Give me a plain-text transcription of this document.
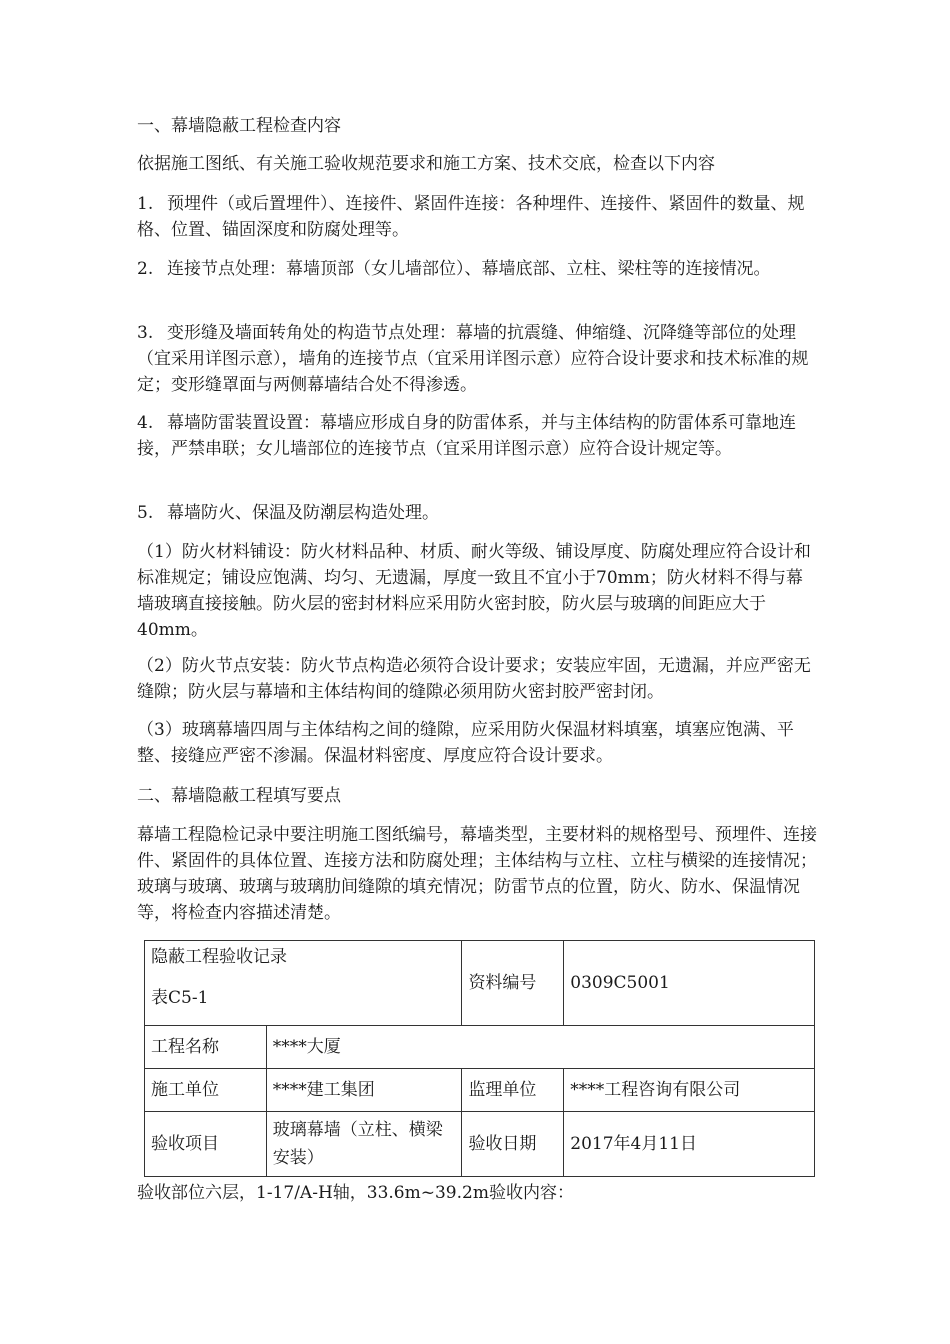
一、幕墙隐蔽工程检查内容

依据施工图纸、有关施工验收规范要求和施工方案、技术交底，检查以下内容

1. 预埋件（或后置埋件）、连接件、紧固件连接：各种埋件、连接件、紧固件的数量、规格、位置、锚固深度和防腐处理等。

2. 连接节点处理：幕墙顶部（女儿墙部位）、幕墙底部、立柱、梁柱等的连接情况。

3. 变形缝及墙面转角处的构造节点处理：幕墙的抗震缝、伸缩缝、沉降缝等部位的处理（宜采用详图示意），墙角的连接节点（宜采用详图示意）应符合设计要求和技术标准的规定；变形缝罩面与两侧幕墙结合处不得渗透。

4. 幕墙防雷装置设置：幕墙应形成自身的防雷体系，并与主体结构的防雷体系可靠地连接，严禁串联；女儿墙部位的连接节点（宜采用详图示意）应符合设计规定等。

5. 幕墙防火、保温及防潮层构造处理。

（1）防火材料铺设：防火材料品种、材质、耐火等级、铺设厚度、防腐处理应符合设计和标准规定；铺设应饱满、均匀、无遗漏，厚度一致且不宜小于70mm；防火材料不得与幕墙玻璃直接接触。防火层的密封材料应采用防火密封胶，防火层与玻璃的间距应大于40mm。

（2）防火节点安装：防火节点构造必须符合设计要求；安装应牢固，无遗漏，并应严密无缝隙；防火层与幕墙和主体结构间的缝隙必须用防火密封胶严密封闭。

（3）玻璃幕墙四周与主体结构之间的缝隙，应采用防火保温材料填塞，填塞应饱满、平整、接缝应严密不渗漏。保温材料密度、厚度应符合设计要求。

二、幕墙隐蔽工程填写要点

幕墙工程隐检记录中要注明施工图纸编号，幕墙类型，主要材料的规格型号、预埋件、连接件、紧固件的具体位置、连接方法和防腐处理；主体结构与立柱、立柱与横梁的连接情况；玻璃与玻璃、玻璃与玻璃肋间缝隙的填充情况；防雷节点的位置，防火、防水、保温情况等，将检查内容描述清楚。

隐蔽工程验收记录
表C5-1		资料编号	0309C5001
工程名称	****大厦		
施工单位	****建工集团	监理单位	****工程咨询有限公司
验收项目	玻璃幕墙（立柱、横梁安装）	验收日期	2017年4月11日

验收部位六层，1-17/A-H轴，33.6m~39.2m验收内容：
